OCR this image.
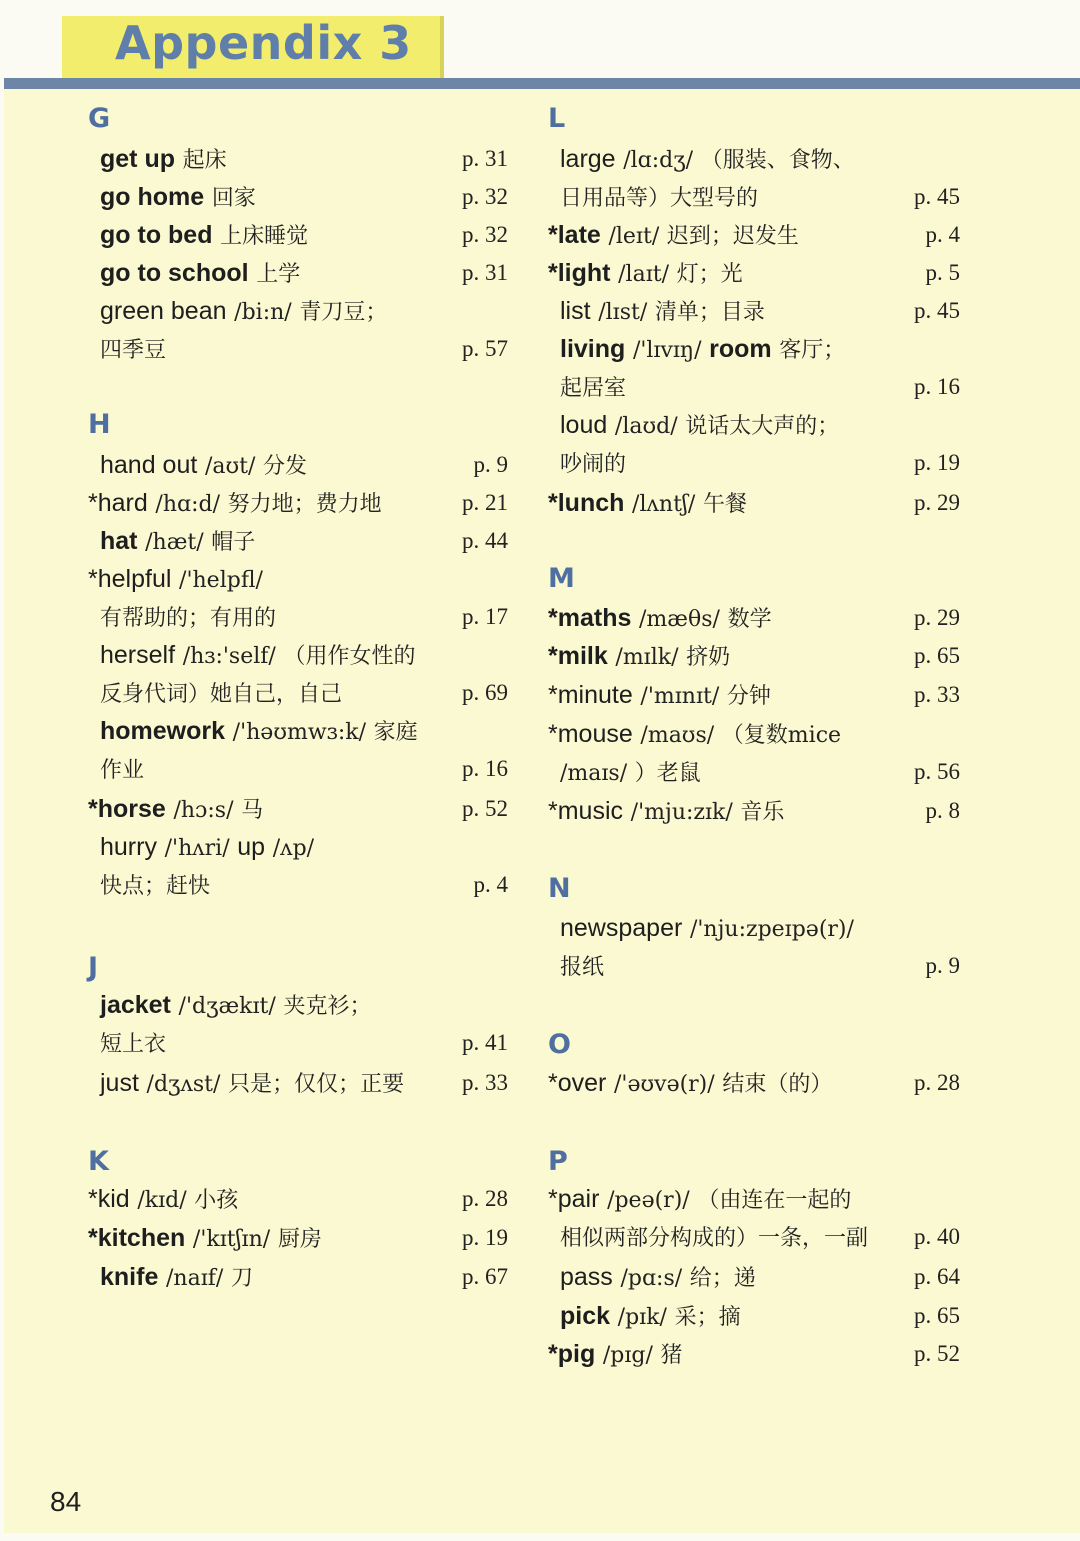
Appendix 3
G
get up 起床	p. 31
go home 回家	p. 32
go to bed 上床睡觉	p. 32
go to school 上学	p. 31
green bean /bi:n/ 青刀豆；
四季豆	p. 57
H
hand out /aʊt/ 分发	p. 9
*hard /hɑ:d/ 努力地；费力地	p. 21
hat /hæt/ 帽子	p. 44
*helpful /'helpfl/
有帮助的；有用的	p. 17
herself /hɜ:'self/ （用作女性的
反身代词）她自己，自己	p. 69
homework /'həʊmwɜ:k/ 家庭
作业	p. 16
*horse /hɔ:s/ 马	p. 52
hurry /'hʌri/ up /ʌp/
快点；赶快	p. 4
J
jacket /'dʒækɪt/ 夹克衫；
短上衣	p. 41
just /dʒʌst/ 只是；仅仅；正要	p. 33
K
*kid /kɪd/ 小孩	p. 28
*kitchen /'kɪtʃɪn/ 厨房	p. 19
knife /naɪf/ 刀	p. 67
L
large /lɑ:dʒ/ （服装、食物、
日用品等）大型号的	p. 45
*late /leɪt/ 迟到；迟发生	p. 4
*light /laɪt/ 灯；光	p. 5
list /lɪst/ 清单；目录	p. 45
living /'lɪvɪŋ/ room 客厅；
起居室	p. 16
loud /laʊd/ 说话太大声的；
吵闹的	p. 19
*lunch /lʌntʃ/ 午餐	p. 29
M
*maths /mæθs/ 数学	p. 29
*milk /mɪlk/ 挤奶	p. 65
*minute /'mɪnɪt/ 分钟	p. 33
*mouse /maʊs/ （复数mice
/maɪs/ ）老鼠	p. 56
*music /'mju:zɪk/ 音乐	p. 8
N
newspaper /'nju:zpeɪpə(r)/
报纸	p. 9
O
*over /'əʊvə(r)/ 结束（的）	p. 28
P
*pair /peə(r)/ （由连在一起的
相似两部分构成的）一条，一副	p. 40
pass /pɑ:s/ 给；递	p. 64
pick /pɪk/ 采；摘	p. 65
*pig /pɪg/ 猪	p. 52
84
